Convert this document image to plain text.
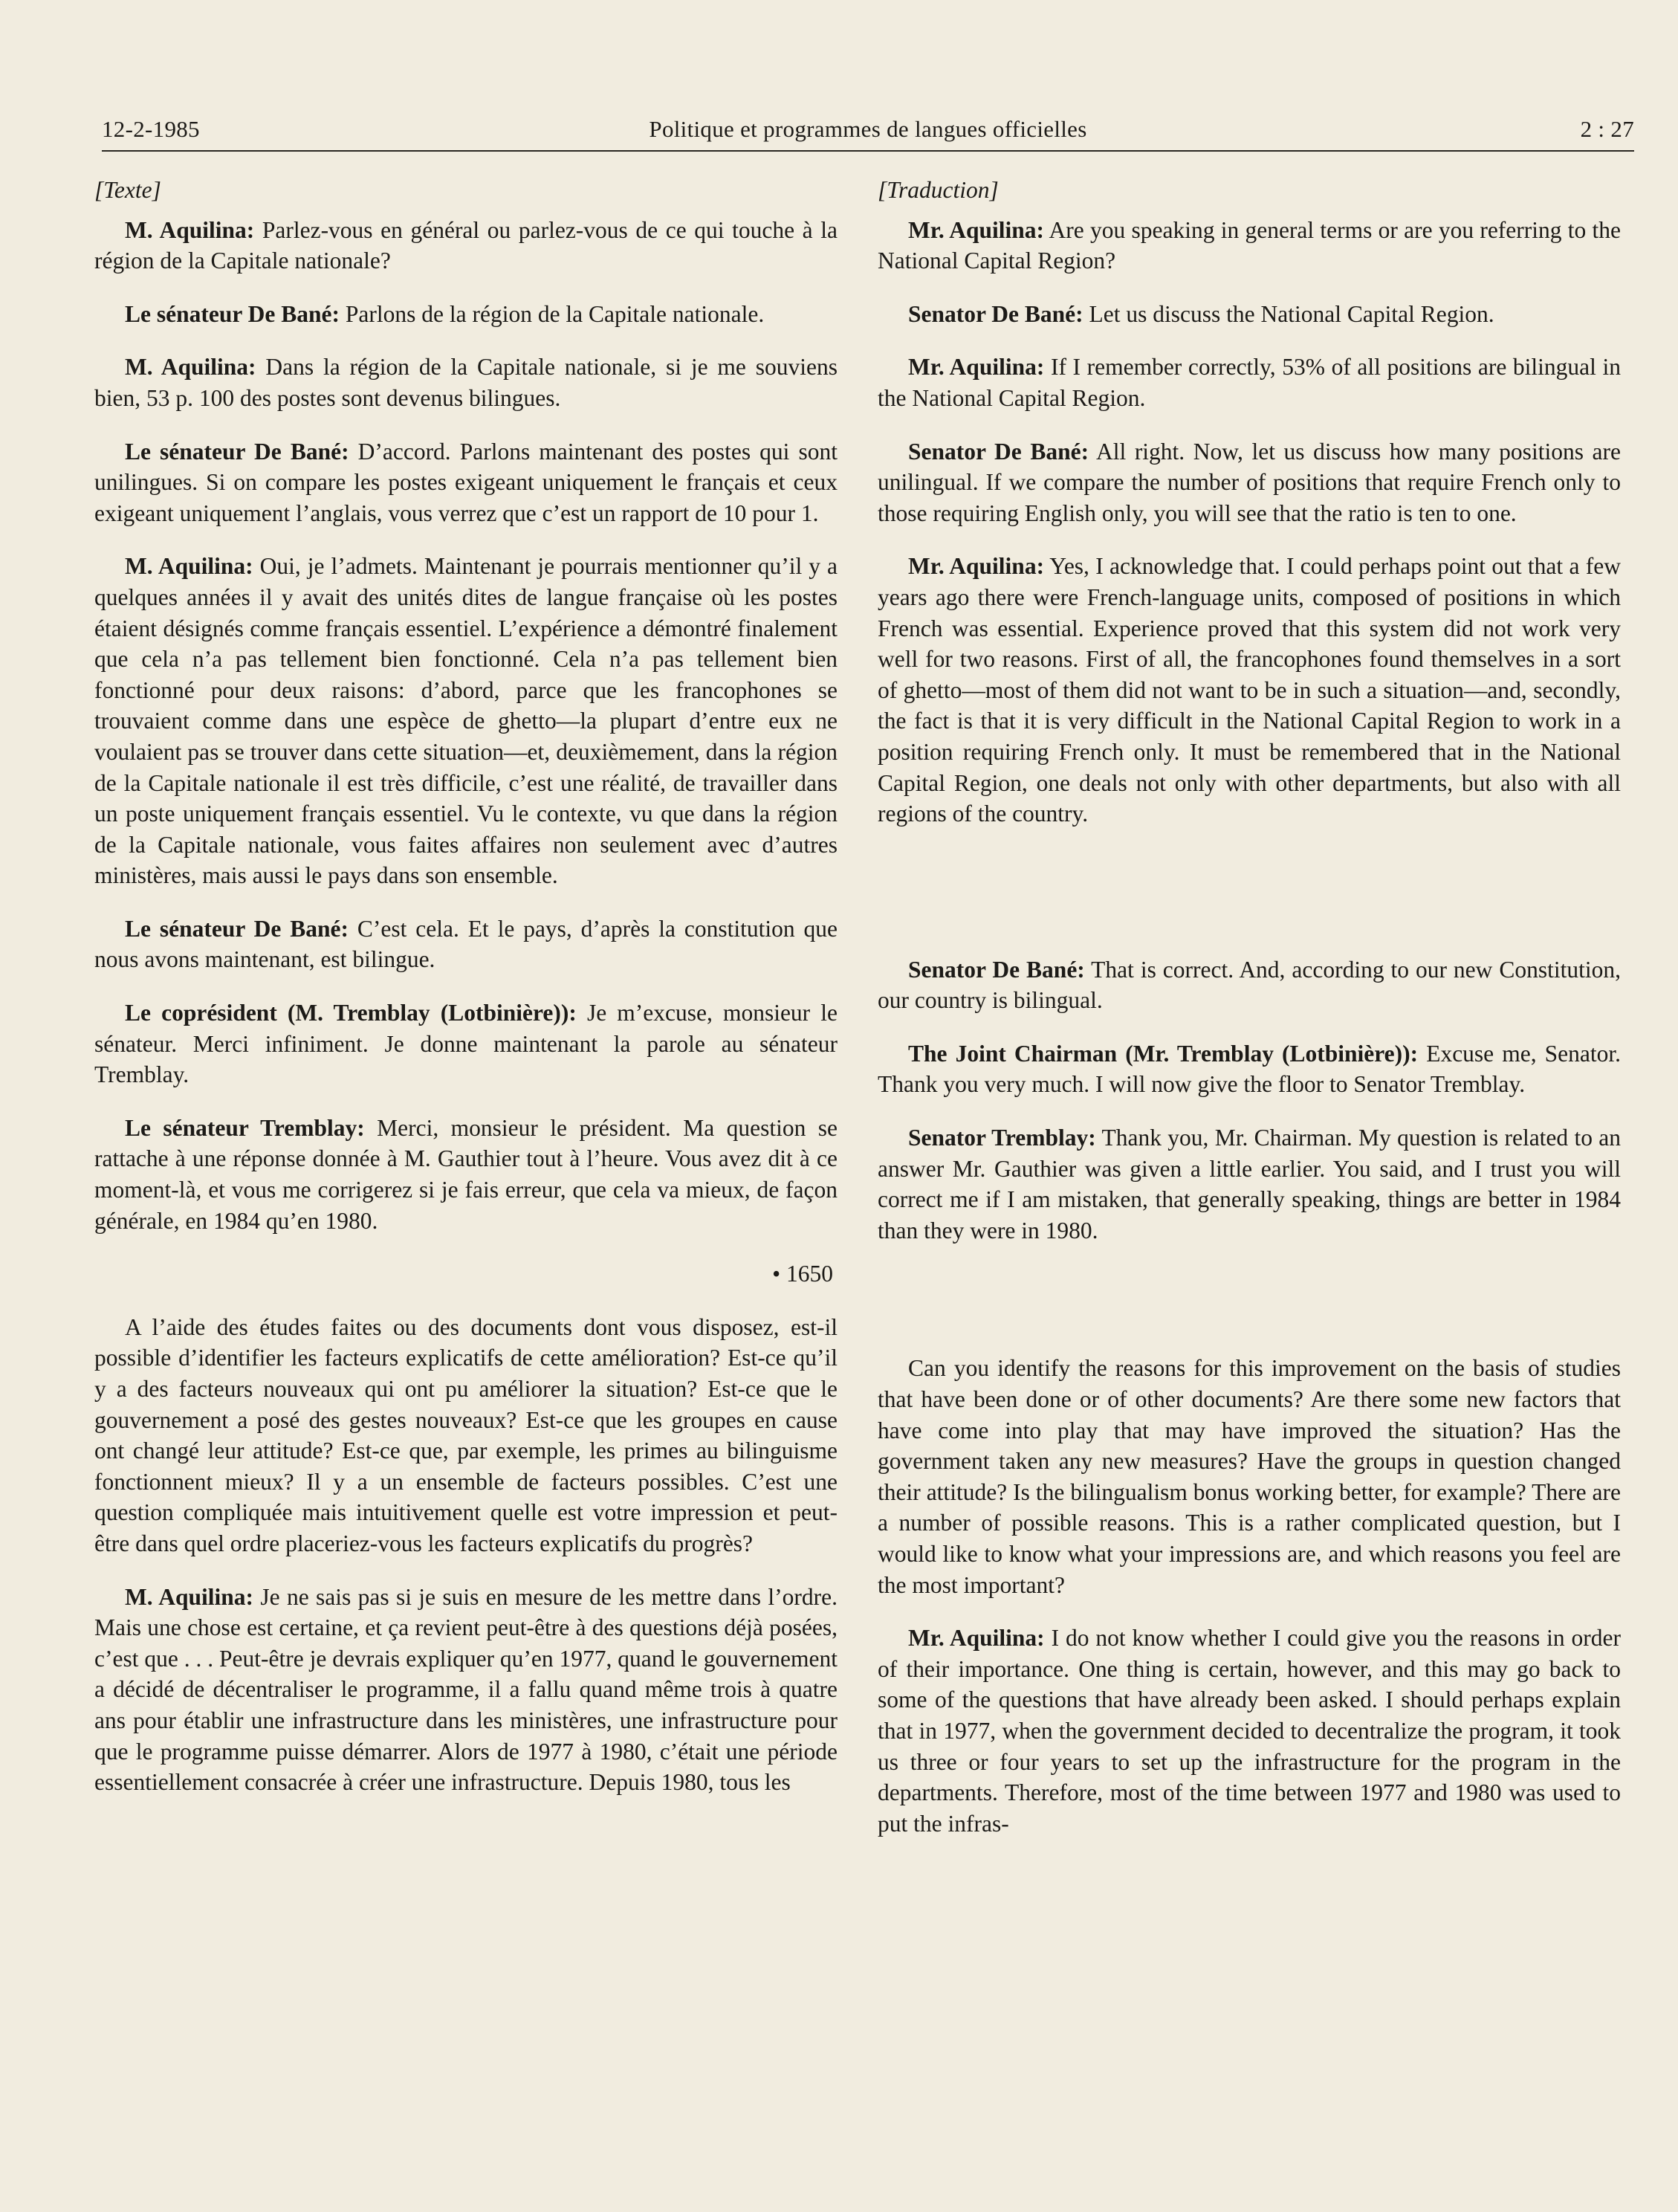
12-2-1985	Politique et programmes de langues officielles	2 : 27
[Texte]

M. Aquilina: Parlez-vous en général ou parlez-vous de ce qui touche à la région de la Capitale nationale?

Le sénateur De Bané: Parlons de la région de la Capitale nationale.

M. Aquilina: Dans la région de la Capitale nationale, si je me souviens bien, 53 p. 100 des postes sont devenus bilingues.

Le sénateur De Bané: D’accord. Parlons maintenant des postes qui sont unilingues. Si on compare les postes exigeant uniquement le français et ceux exigeant uniquement l’anglais, vous verrez que c’est un rapport de 10 pour 1.

M. Aquilina: Oui, je l’admets. Maintenant je pourrais mentionner qu’il y a quelques années il y avait des unités dites de langue française où les postes étaient désignés comme français essentiel. L’expérience a démontré finalement que cela n’a pas tellement bien fonctionné. Cela n’a pas tellement bien fonctionné pour deux raisons: d’abord, parce que les francophones se trouvaient comme dans une espèce de ghetto—la plupart d’entre eux ne voulaient pas se trouver dans cette situation—et, deuxièmement, dans la région de la Capitale nationale il est très difficile, c’est une réalité, de travailler dans un poste uniquement français essentiel. Vu le contexte, vu que dans la région de la Capitale nationale, vous faites affaires non seulement avec d’autres ministères, mais aussi le pays dans son ensemble.

Le sénateur De Bané: C’est cela. Et le pays, d’après la constitution que nous avons maintenant, est bilingue.

Le coprésident (M. Tremblay (Lotbinière)): Je m’excuse, monsieur le sénateur. Merci infiniment. Je donne maintenant la parole au sénateur Tremblay.

Le sénateur Tremblay: Merci, monsieur le président. Ma question se rattache à une réponse donnée à M. Gauthier tout à l’heure. Vous avez dit à ce moment-là, et vous me corrigerez si je fais erreur, que cela va mieux, de façon générale, en 1984 qu’en 1980.

• 1650

A l’aide des études faites ou des documents dont vous disposez, est-il possible d’identifier les facteurs explicatifs de cette amélioration? Est-ce qu’il y a des facteurs nouveaux qui ont pu améliorer la situation? Est-ce que le gouvernement a posé des gestes nouveaux? Est-ce que les groupes en cause ont changé leur attitude? Est-ce que, par exemple, les primes au bilinguisme fonctionnent mieux? Il y a un ensemble de facteurs possibles. C’est une question compliquée mais intuitivement quelle est votre impression et peut-être dans quel ordre placeriez-vous les facteurs explicatifs du progrès?

M. Aquilina: Je ne sais pas si je suis en mesure de les mettre dans l’ordre. Mais une chose est certaine, et ça revient peut-être à des questions déjà posées, c’est que . . . Peut-être je devrais expliquer qu’en 1977, quand le gouvernement a décidé de décentraliser le programme, il a fallu quand même trois à quatre ans pour établir une infrastructure dans les ministères, une infrastructure pour que le programme puisse démarrer. Alors de 1977 à 1980, c’était une période essentiellement consacrée à créer une infrastructure. Depuis 1980, tous les

[Traduction]

Mr. Aquilina: Are you speaking in general terms or are you referring to the National Capital Region?

Senator De Bané: Let us discuss the National Capital Region.

Mr. Aquilina: If I remember correctly, 53% of all positions are bilingual in the National Capital Region.

Senator De Bané: All right. Now, let us discuss how many positions are unilingual. If we compare the number of positions that require French only to those requiring English only, you will see that the ratio is ten to one.

Mr. Aquilina: Yes, I acknowledge that. I could perhaps point out that a few years ago there were French-language units, composed of positions in which French was essential. Experience proved that this system did not work very well for two reasons. First of all, the francophones found themselves in a sort of ghetto—most of them did not want to be in such a situation—and, secondly, the fact is that it is very difficult in the National Capital Region to work in a position requiring French only. It must be remembered that in the National Capital Region, one deals not only with other departments, but also with all regions of the country.

Senator De Bané: That is correct. And, according to our new Constitution, our country is bilingual.

The Joint Chairman (Mr. Tremblay (Lotbinière)): Excuse me, Senator. Thank you very much. I will now give the floor to Senator Tremblay.

Senator Tremblay: Thank you, Mr. Chairman. My question is related to an answer Mr. Gauthier was given a little earlier. You said, and I trust you will correct me if I am mistaken, that generally speaking, things are better in 1984 than they were in 1980.

Can you identify the reasons for this improvement on the basis of studies that have been done or of other documents? Are there some new factors that have come into play that may have improved the situation? Has the government taken any new measures? Have the groups in question changed their attitude? Is the bilingualism bonus working better, for example? There are a number of possible reasons. This is a rather complicated question, but I would like to know what your impressions are, and which reasons you feel are the most important?

Mr. Aquilina: I do not know whether I could give you the reasons in order of their importance. One thing is certain, however, and this may go back to some of the questions that have already been asked. I should perhaps explain that in 1977, when the government decided to decentralize the program, it took us three or four years to set up the infrastructure for the program in the departments. Therefore, most of the time between 1977 and 1980 was used to put the infras-
